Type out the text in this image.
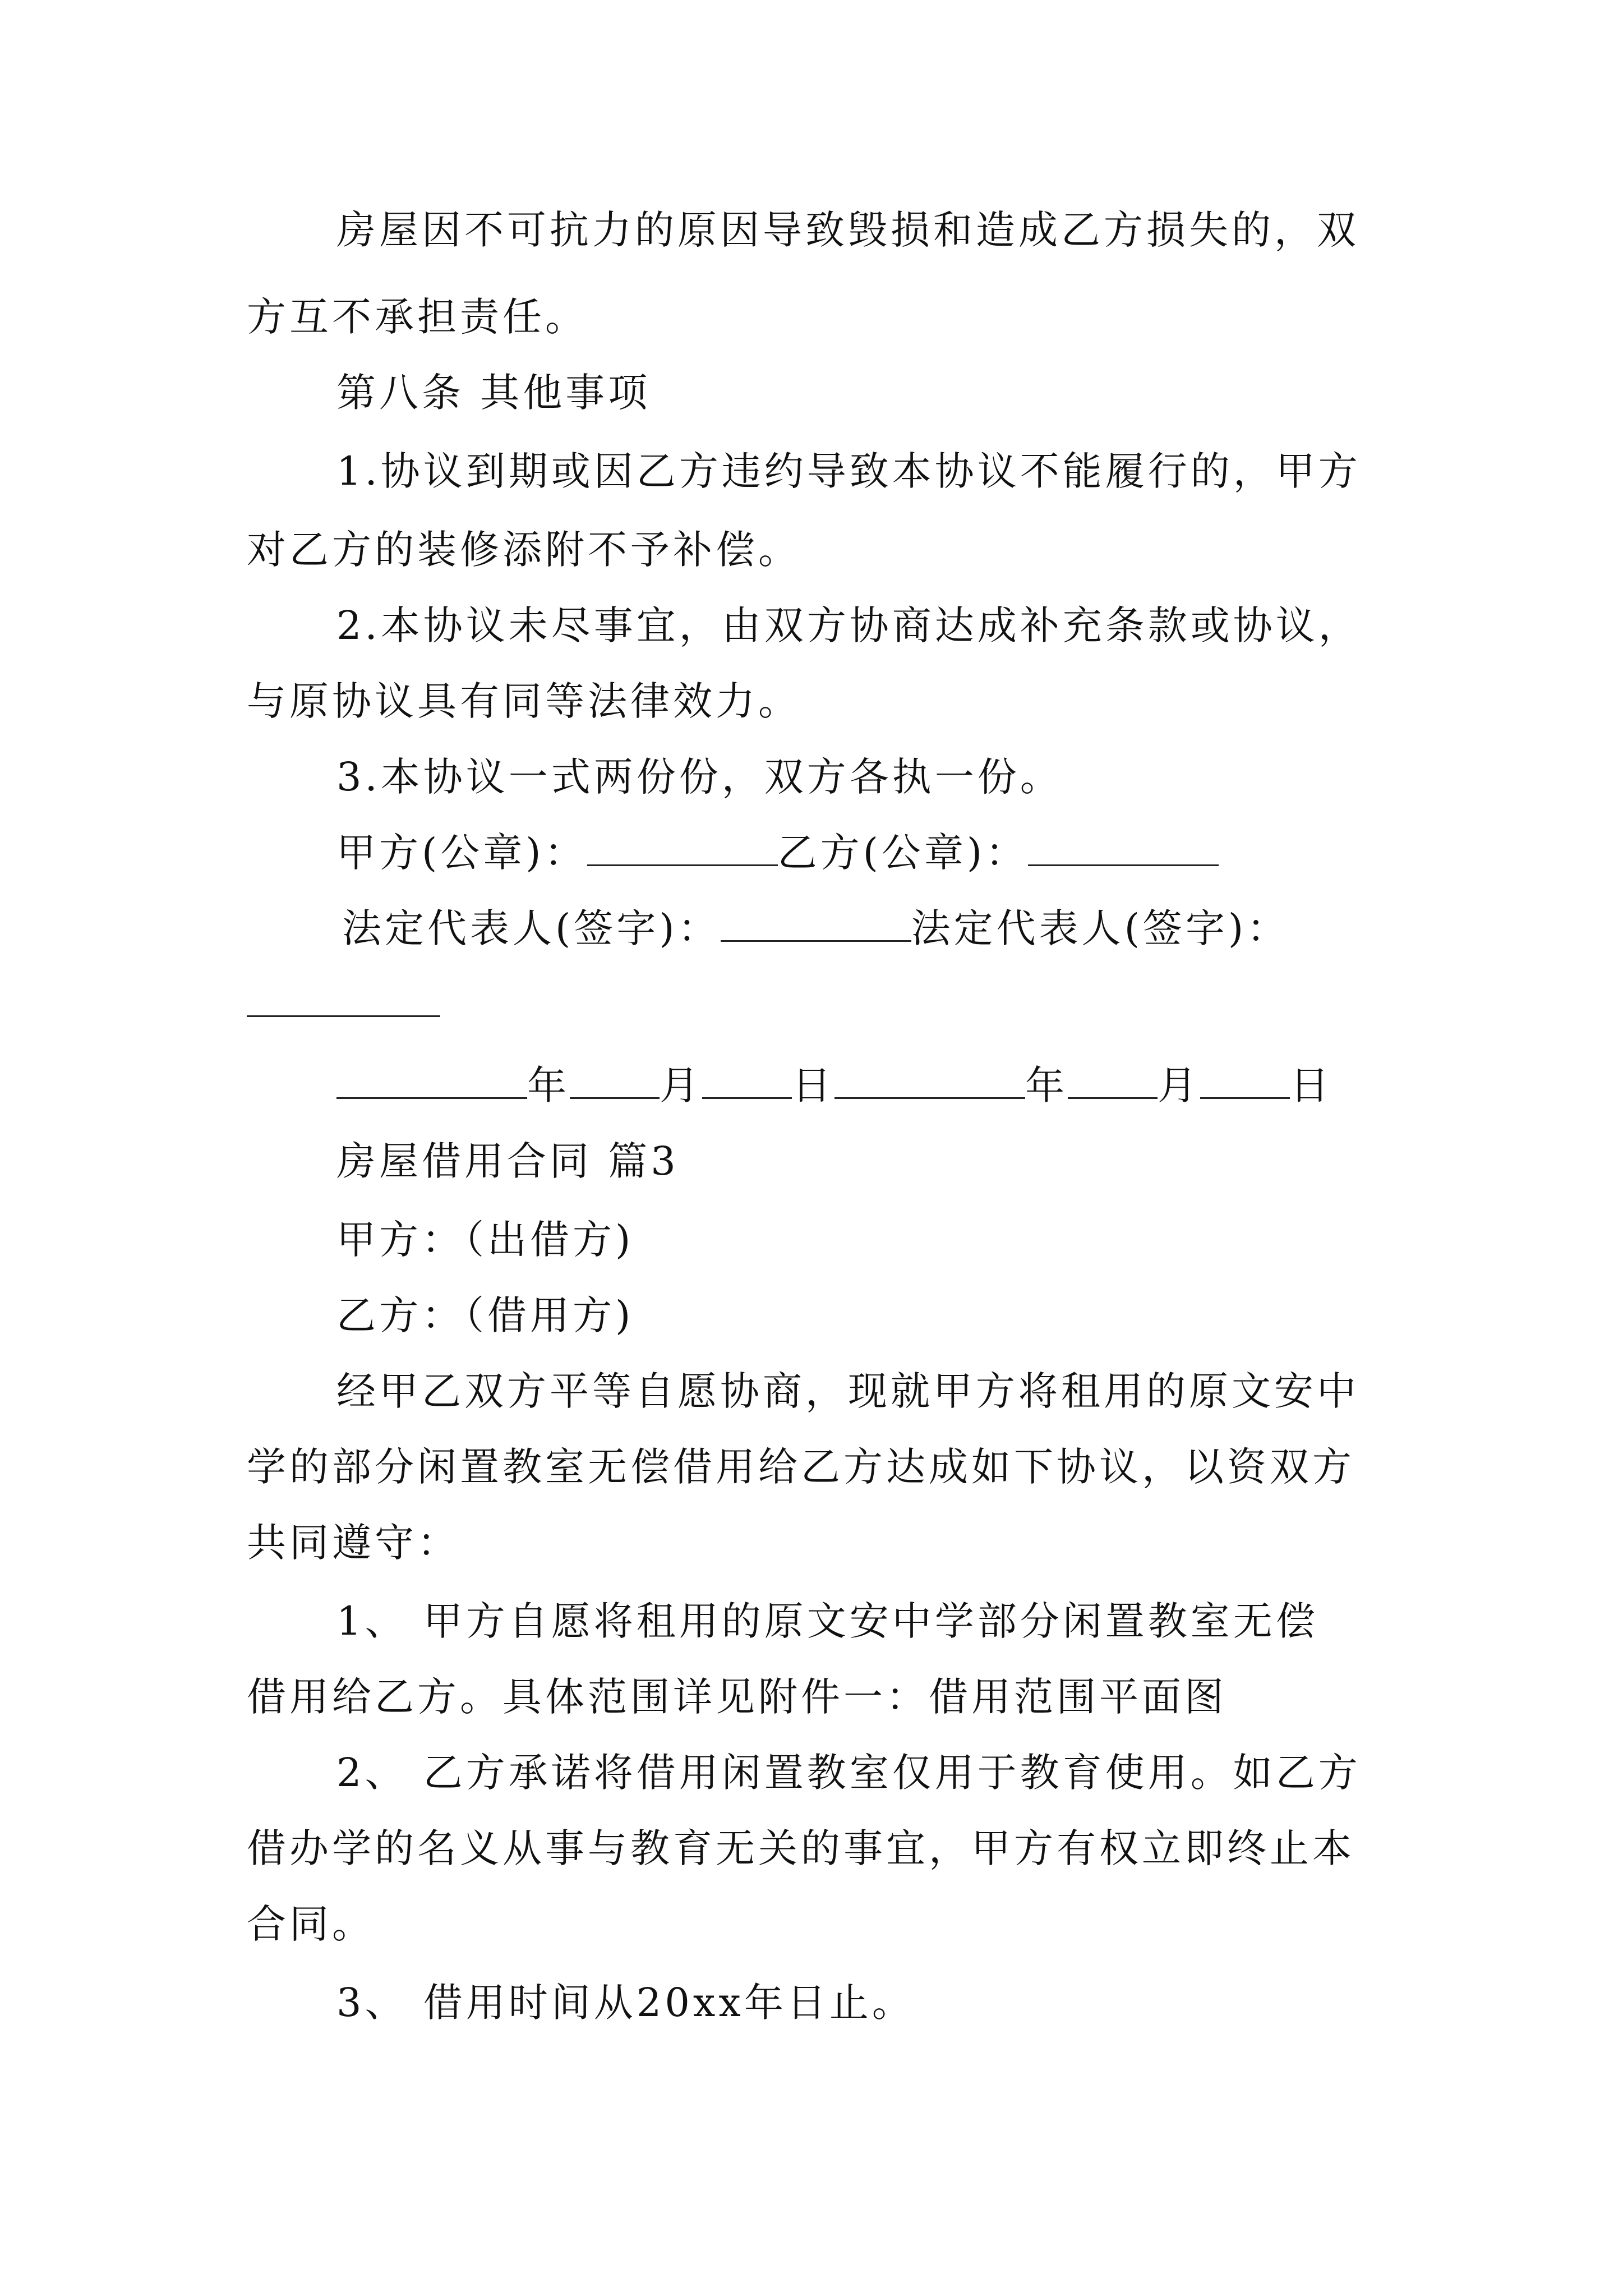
房屋因不可抗力的原因导致毁损和造成乙方损失的，双
方互不承担责任。
第八条 其他事项
1.协议到期或因乙方违约导致本协议不能履行的，甲方
对乙方的装修添附不予补偿。
2.本协议未尽事宜，由双方协商达成补充条款或协议，
与原协议具有同等法律效力。
3.本协议一式两份份，双方各执一份。
甲方(公章)：	乙方(公章)：
法定代表人(签字)：	法定代表人(签字)：
年 月 日	年 月 日
房屋借用合同 篇3
甲方：（出借方)
乙方：（借用方)
经甲乙双方平等自愿协商，现就甲方将租用的原文安中
学的部分闲置教室无偿借用给乙方达成如下协议，以资双方
共同遵守：
1、 甲方自愿将租用的原文安中学部分闲置教室无偿
借用给乙方。具体范围详见附件一：借用范围平面图
2、 乙方承诺将借用闲置教室仅用于教育使用。如乙方
借办学的名义从事与教育无关的事宜，甲方有权立即终止本
合同。
3、 借用时间从20xx年日止。
